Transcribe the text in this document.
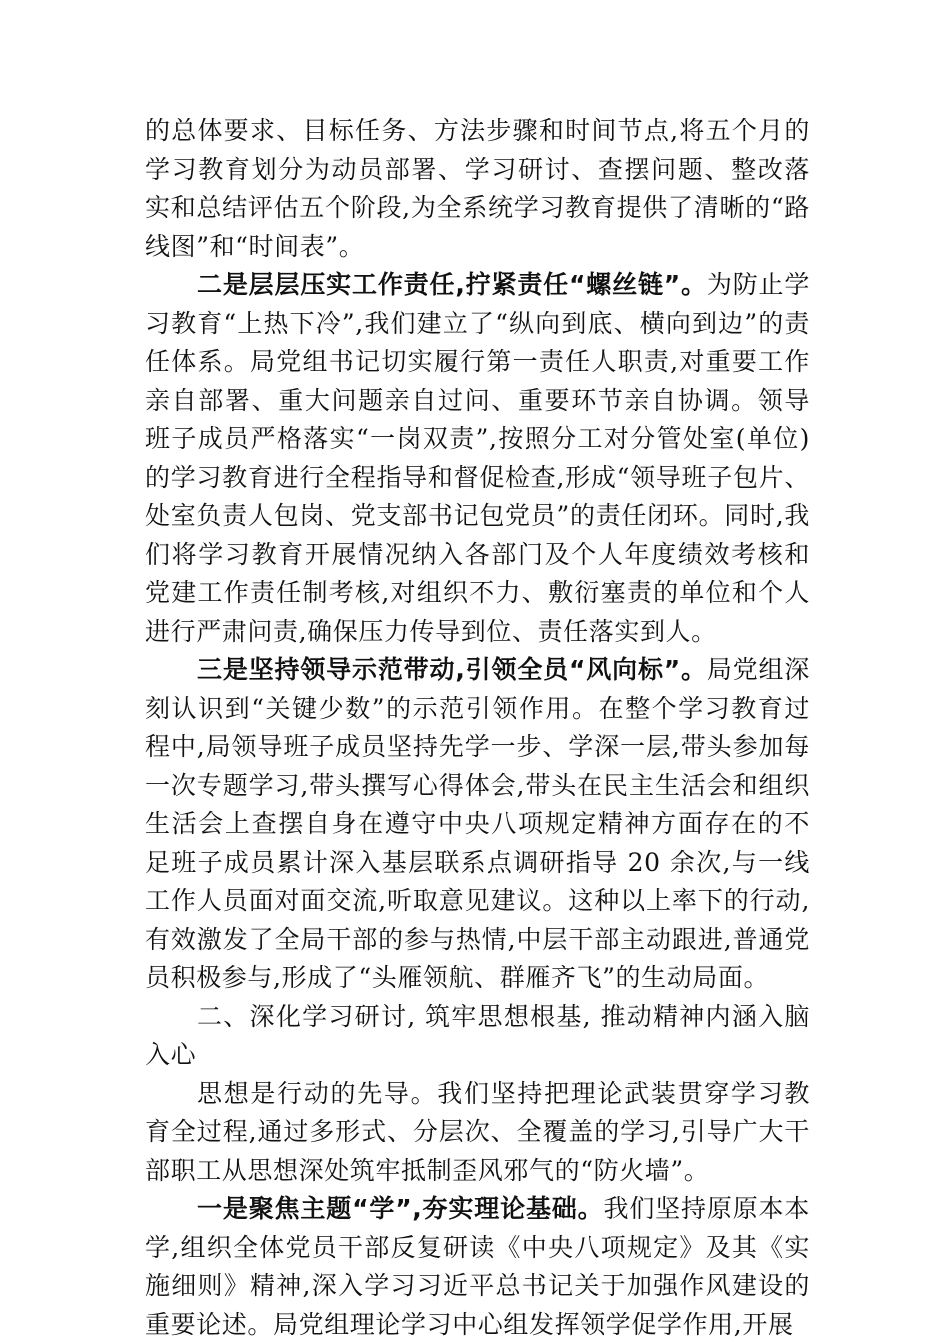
的总体要求、目标任务、方法步骤和时间节点,将五个月的学习教育划分为动员部署、学习研讨、查摆问题、整改落实和总结评估五个阶段,为全系统学习教育提供了清晰的“路线图”和“时间表”。

二是层层压实工作责任,拧紧责任“螺丝链”。为防止学习教育“上热下冷”,我们建立了“纵向到底、横向到边”的责任体系。局党组书记切实履行第一责任人职责,对重要工作亲自部署、重大问题亲自过问、重要环节亲自协调。领导班子成员严格落实“一岗双责”,按照分工对分管处室(单位)的学习教育进行全程指导和督促检查,形成“领导班子包片、处室负责人包岗、党支部书记包党员”的责任闭环。同时,我们将学习教育开展情况纳入各部门及个人年度绩效考核和党建工作责任制考核,对组织不力、敷衍塞责的单位和个人进行严肃问责,确保压力传导到位、责任落实到人。

三是坚持领导示范带动,引领全员“风向标”。局党组深刻认识到“关键少数”的示范引领作用。在整个学习教育过程中,局领导班子成员坚持先学一步、学深一层,带头参加每一次专题学习,带头撰写心得体会,带头在民主生活会和组织生活会上查摆自身在遵守中央八项规定精神方面存在的不足班子成员累计深入基层联系点调研指导 20 余次,与一线工作人员面对面交流,听取意见建议。这种以上率下的行动,有效激发了全局干部的参与热情,中层干部主动跟进,普通党员积极参与,形成了“头雁领航、群雁齐飞”的生动局面。

二、深化学习研讨, 筑牢思想根基, 推动精神内涵入脑入心

思想是行动的先导。我们坚持把理论武装贯穿学习教育全过程,通过多形式、分层次、全覆盖的学习,引导广大干部职工从思想深处筑牢抵制歪风邪气的“防火墙”。

一是聚焦主题“学”,夯实理论基础。我们坚持原原本本学,组织全体党员干部反复研读《中央八项规定》及其《实施细则》精神,深入学习习近平总书记关于加强作风建设的重要论述。局党组理论学习中心组发挥领学促学作用,开展
